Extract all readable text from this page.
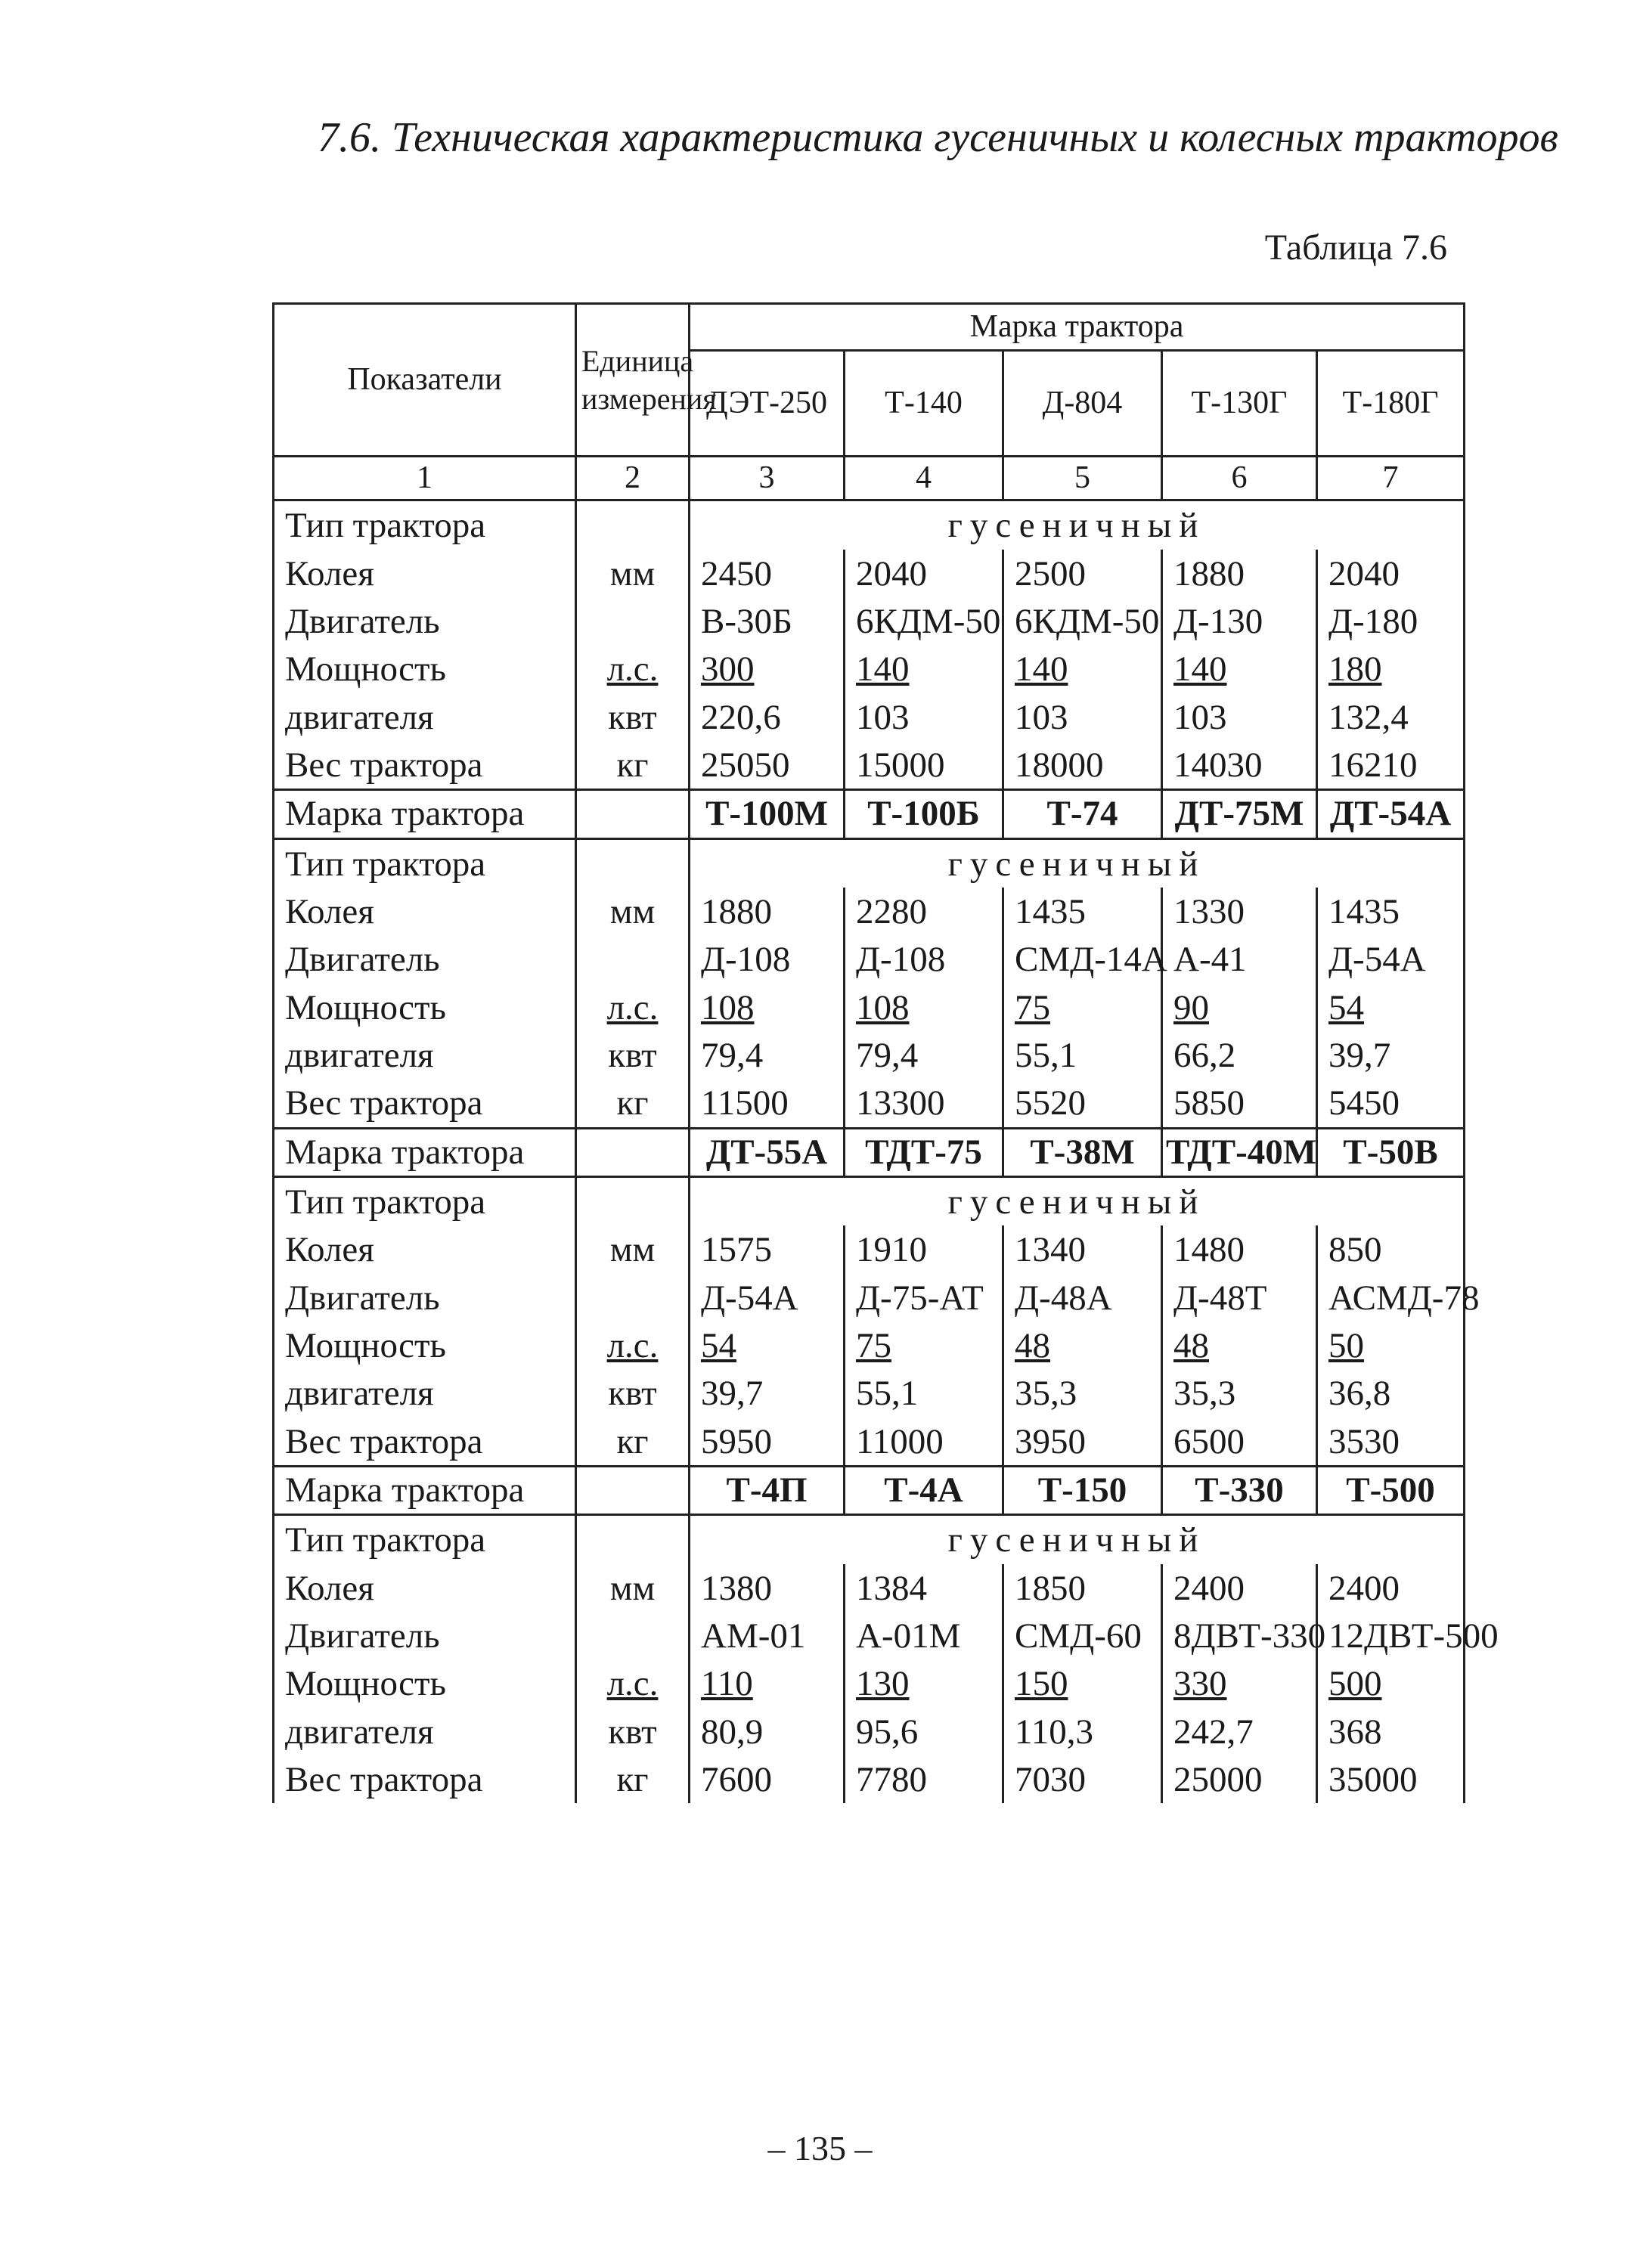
7.6. Техническая характеристика гусеничных и колесных тракторов
Таблица 7.6
Показатели	Единица измерения	Марка трактора				
		ДЭТ-250	Т-140	Д-804	Т-130Г	Т-180Г
1	2	3	4	5	6	7
Тип трактора		гусеничный				
Колея	мм	2450	2040	2500	1880	2040
Двигатель		В-30Б	6КДМ-50	6КДМ-50	Д-130	Д-180
Мощность	л.с.	300	140	140	140	180
двигателя	квт	220,6	103	103	103	132,4
Вес трактора	кг	25050	15000	18000	14030	16210
Марка трактора		Т-100М	Т-100Б	Т-74	ДТ-75М	ДТ-54А
Тип трактора		гусеничный				
Колея	мм	1880	2280	1435	1330	1435
Двигатель		Д-108	Д-108	СМД-14А	А-41	Д-54А
Мощность	л.с.	108	108	75	90	54
двигателя	квт	79,4	79,4	55,1	66,2	39,7
Вес трактора	кг	11500	13300	5520	5850	5450
Марка трактора		ДТ-55А	ТДТ-75	Т-38М	ТДТ-40М	Т-50В
Тип трактора		гусеничный				
Колея	мм	1575	1910	1340	1480	850
Двигатель		Д-54А	Д-75-АТ	Д-48А	Д-48Т	АСМД-78
Мощность	л.с.	54	75	48	48	50
двигателя	квт	39,7	55,1	35,3	35,3	36,8
Вес трактора	кг	5950	11000	3950	6500	3530
Марка трактора		Т-4П	Т-4А	Т-150	Т-330	Т-500
Тип трактора		гусеничный				
Колея	мм	1380	1384	1850	2400	2400
Двигатель		АМ-01	А-01М	СМД-60	8ДВТ-330	12ДВТ-500
Мощность	л.с.	110	130	150	330	500
двигателя	квт	80,9	95,6	110,3	242,7	368
Вес трактора	кг	7600	7780	7030	25000	35000
– 135 –
